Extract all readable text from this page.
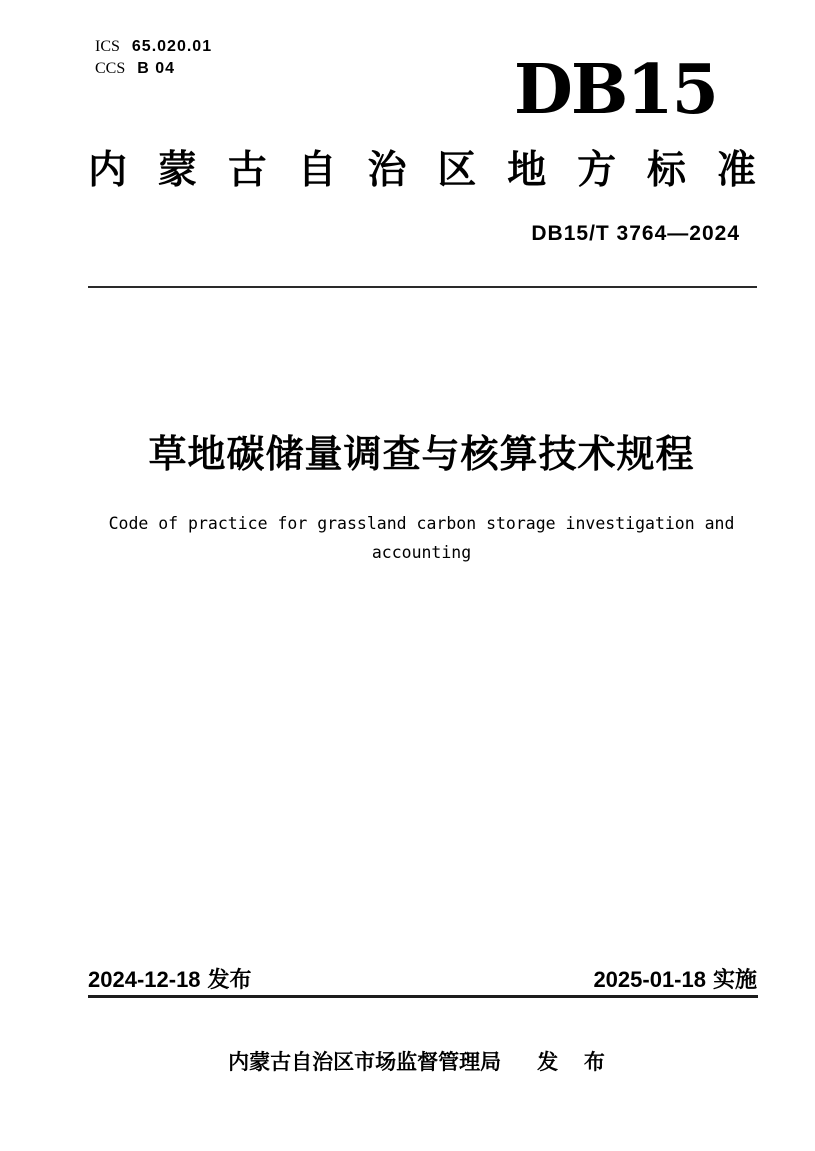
ICS 65.020.01
CCS B 04	DB15
内 蒙 古 自 治 区 地 方 标 准
DB15/T 3764—2024
草地碳储量调查与核算技术规程
Code of practice for grassland carbon storage investigation and
accounting
2024-12-18 发布	2025-01-18 实施
内蒙古自治区市场监督管理局 发 布
